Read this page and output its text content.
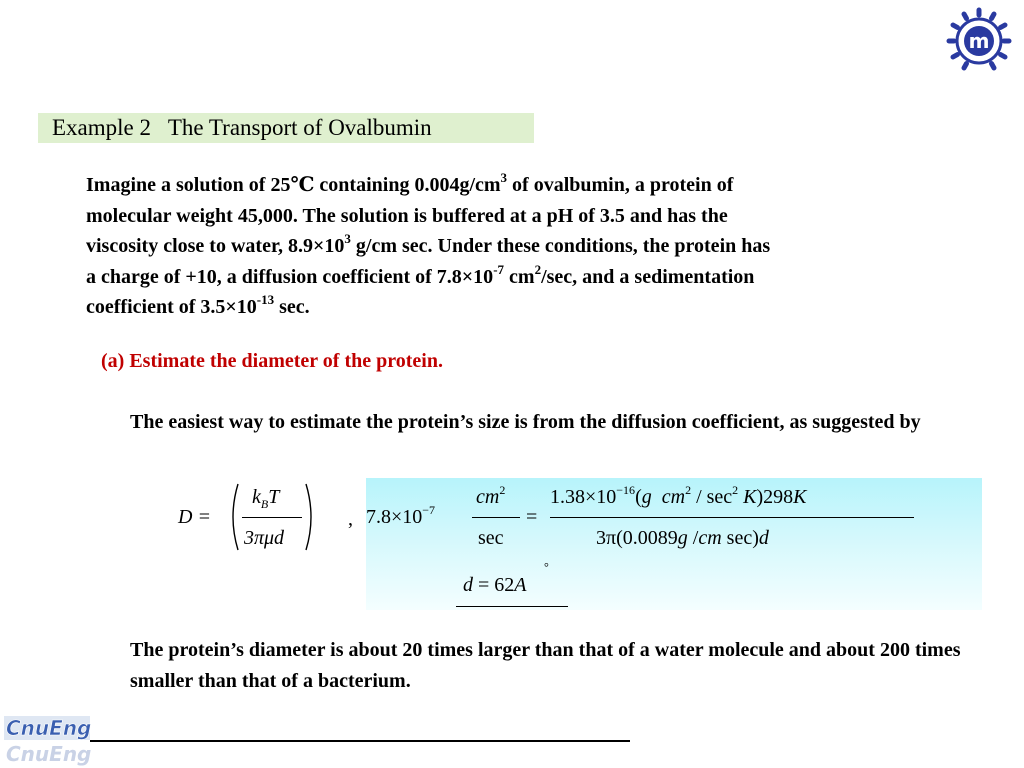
m
Example 2   The Transport of Ovalbumin
Imagine a solution of 25℃ containing $0.004g/cm^3$ of ovalbumin, a protein of
molecular weight 45,000. The solution is buffered at a pH of 3.5 and has the
viscosity close to water, $8.9\times 10^3$ g/cm sec. Under these conditions, the protein has
a charge of +10, a diffusion coefficient of $7.8\times 10^{-7}$ $cm^2/\sec$, and a sedimentation
coefficient of $3.5\times 10^{-13}$ sec.
(a) Estimate the diameter of the protein.
The easiest way to estimate the protein’s size is from the diffusion coefficient, as suggested by
D =
$k_BT$
3πμd
, $7.8\times 10^{-7}$
$cm^2$
sec
=
$1.38\times 10^{-16}(g$ $cm^2 / \sec^2 K)298K$
3π(0.0089g /cm sec)d
°
d = 62A
The protein’s diameter is about 20 times larger than that of a water molecule and about 200 times smaller than that of a bacterium.
CnuEng
CnuEng
